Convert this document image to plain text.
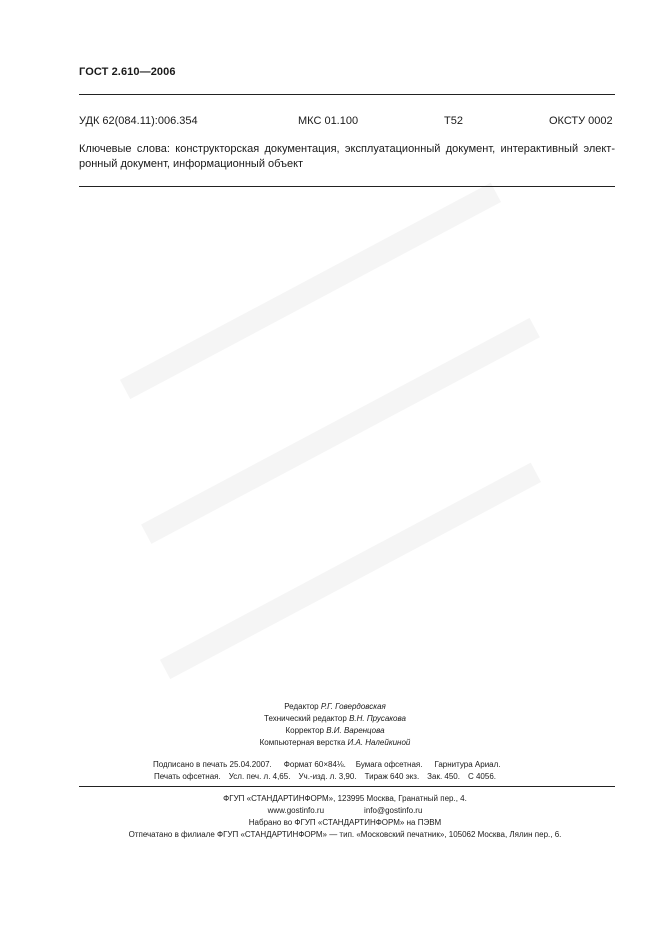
ГОСТ 2.610—2006
УДК 62(084.11):006.354	МКС 01.100	Т52	ОКСТУ 0002
Ключевые слова: конструкторская документация, эксплуатационный документ, интерактивный элект-
ронный документ, информационный объект
Редактор Р.Г. Говердовская
Технический редактор В.Н. Прусакова
Корректор В.И. Варенцова
Компьютерная верстка И.А. Налейкиной
Подписано в печать 25.04.2007. Формат 60×84⅛. Бумага офсетная. Гарнитура Ариал.
Печать офсетная. Усл. печ. л. 4,65. Уч.-изд. л. 3,90. Тираж 640 экз. Зак. 450. С 4056.
ФГУП «СТАНДАРТИНФОРМ», 123995 Москва, Гранатный пер., 4.
www.gostinfo.ru	info@gostinfo.ru
Набрано во ФГУП «СТАНДАРТИНФОРМ» на ПЭВМ
Отпечатано в филиале ФГУП «СТАНДАРТИНФОРМ» — тип. «Московский печатник», 105062 Москва, Лялин пер., 6.
